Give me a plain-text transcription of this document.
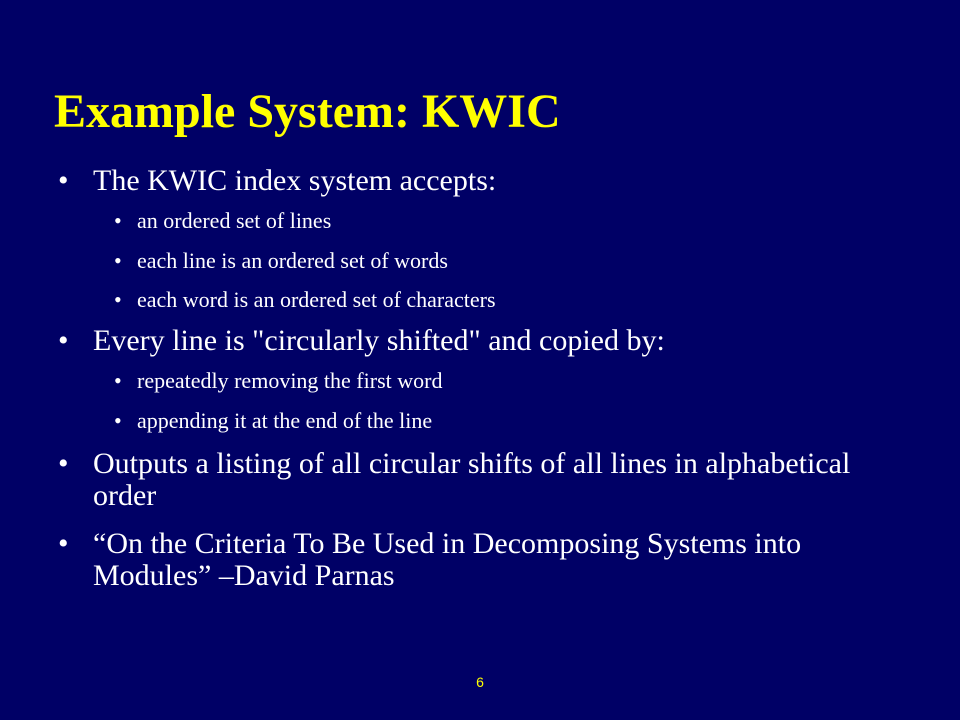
Example System: KWIC
• The KWIC index system accepts:
• an ordered set of lines
• each line is an ordered set of words
• each word is an ordered set of characters
• Every line is "circularly shifted" and copied by:
• repeatedly removing the first word
• appending it at the end of the line
• Outputs a listing of all circular shifts of all lines in alphabetical order
• “On the Criteria To Be Used in Decomposing Systems into Modules” –David Parnas
6
